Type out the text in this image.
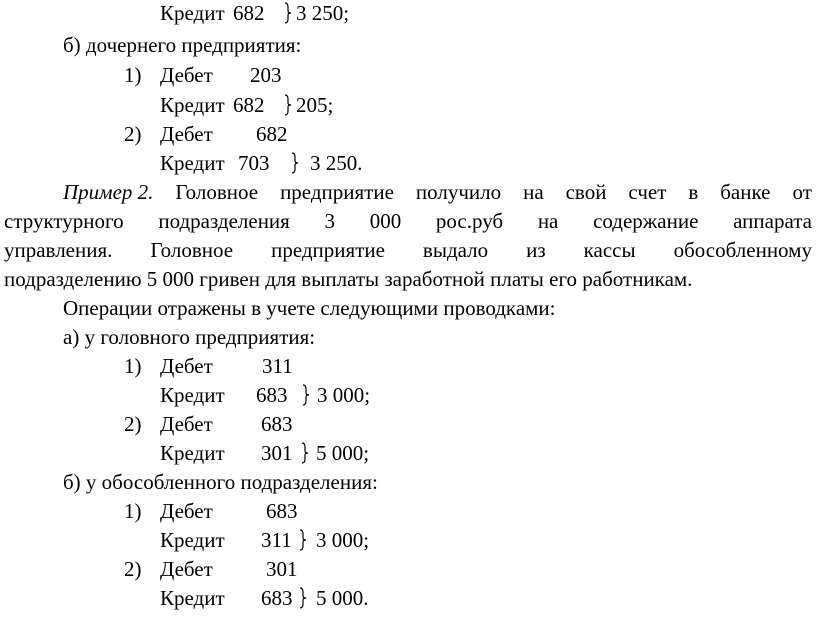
Кредит 682 3 250;
б) дочернего предприятия:
1) Дебет 203
Кредит 682 205;
2) Дебет 682
Кредит 703 3 250.
Пример 2. Головное предприятие получило на свой счет в банке от
структурного подразделения 3 000 рос.руб на содержание аппарата
управления. Головное предприятие выдало из кассы обособленному
подразделению 5 000 гривен для выплаты заработной платы его работникам.
Операции отражены в учете следующими проводками:
а) у головного предприятия:
1) Дебет 311
Кредит 683 3 000;
2) Дебет 683
Кредит 301 5 000;
б) у обособленного подразделения:
1) Дебет	683
Кредит 311 3 000;
2) Дебет	301
Кредит 683 5 000.
